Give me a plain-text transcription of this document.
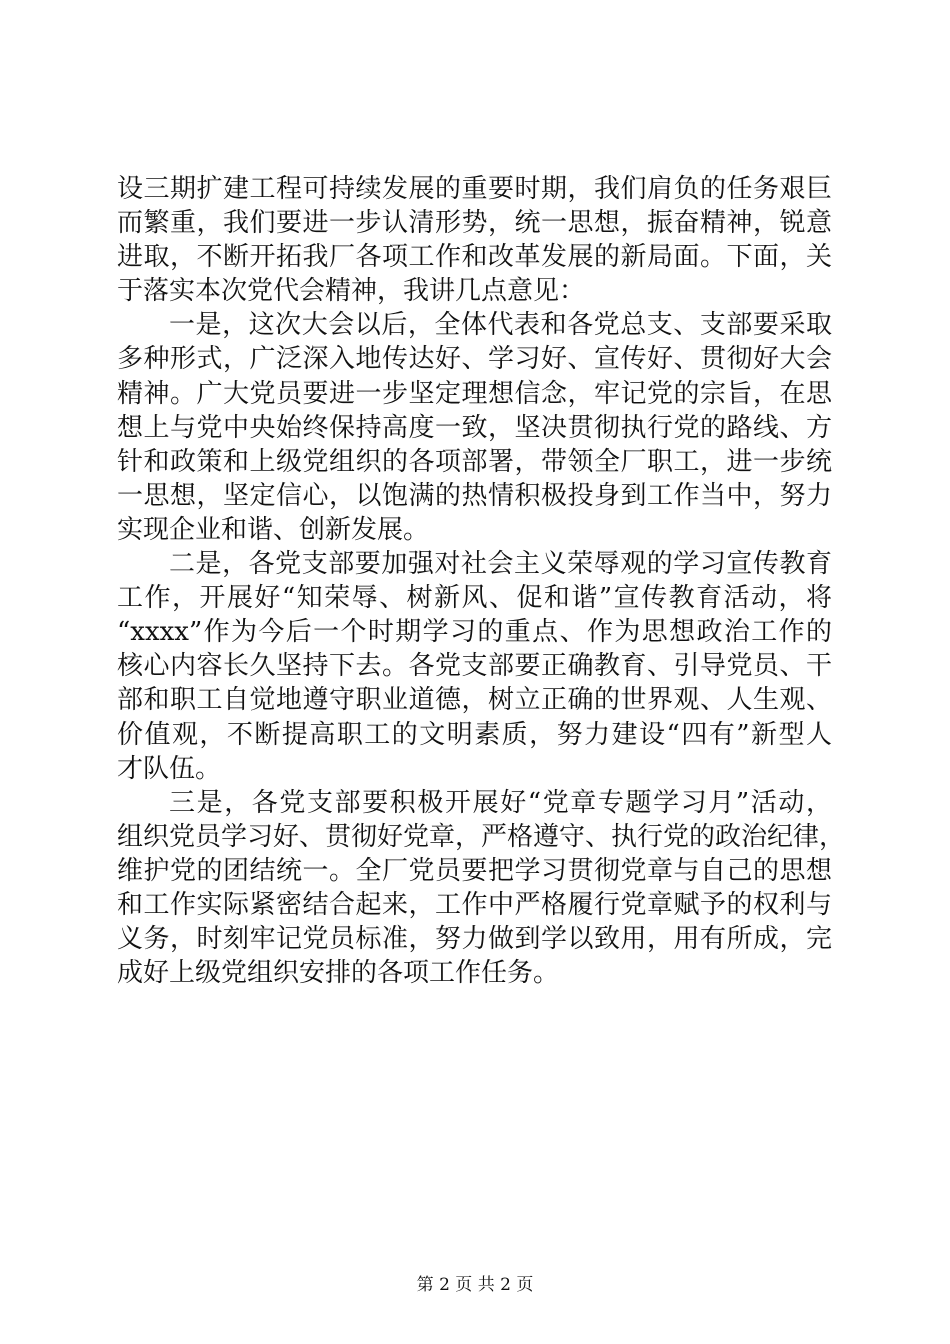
设三期扩建工程可持续发展的重要时期，我们肩负的任务艰巨
而繁重，我们要进一步认清形势，统一思想，振奋精神，锐意
进取，不断开拓我厂各项工作和改革发展的新局面。下面，关
于落实本次党代会精神，我讲几点意见：
一是，这次大会以后，全体代表和各党总支、支部要采取
多种形式，广泛深入地传达好、学习好、宣传好、贯彻好大会
精神。广大党员要进一步坚定理想信念，牢记党的宗旨，在思
想上与党中央始终保持高度一致，坚决贯彻执行党的路线、方
针和政策和上级党组织的各项部署，带领全厂职工，进一步统
一思想，坚定信心，以饱满的热情积极投身到工作当中，努力
实现企业和谐、创新发展。
二是，各党支部要加强对社会主义荣辱观的学习宣传教育
工作，开展好“知荣辱、树新风、促和谐”宣传教育活动，将
“xxxx”作为今后一个时期学习的重点、作为思想政治工作的
核心内容长久坚持下去。各党支部要正确教育、引导党员、干
部和职工自觉地遵守职业道德，树立正确的世界观、人生观、
价值观，不断提高职工的文明素质，努力建设“四有”新型人
才队伍。
三是，各党支部要积极开展好“党章专题学习月”活动，
组织党员学习好、贯彻好党章，严格遵守、执行党的政治纪律，
维护党的团结统一。全厂党员要把学习贯彻党章与自己的思想
和工作实际紧密结合起来，工作中严格履行党章赋予的权利与
义务，时刻牢记党员标准，努力做到学以致用，用有所成，完
成好上级党组织安排的各项工作任务。
第 2 页 共 2 页
